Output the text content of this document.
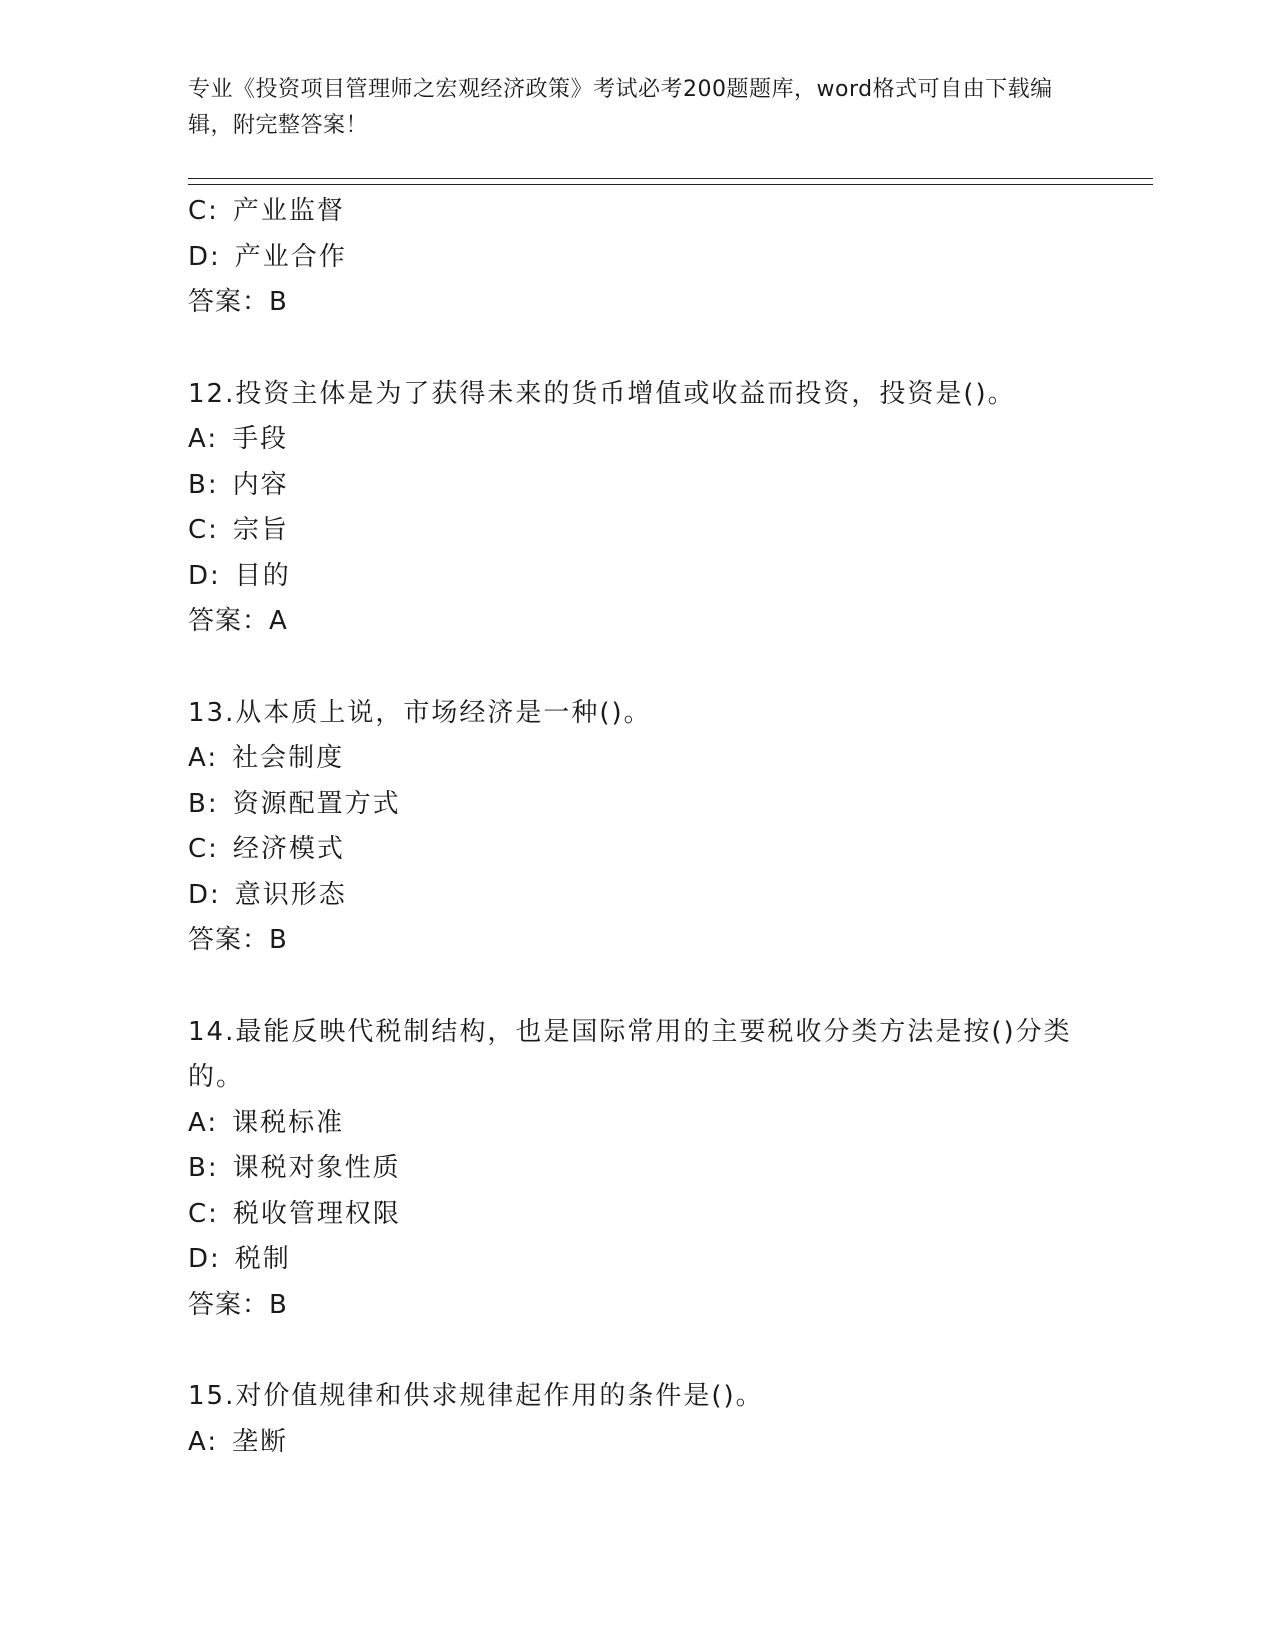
专业《投资项目管理师之宏观经济政策》考试必考200题题库，word格式可自由下载编辑，附完整答案！
C: 产业监督
D: 产业合作
答案：B
12.投资主体是为了获得未来的货币增值或收益而投资，投资是()。
A: 手段
B: 内容
C: 宗旨
D: 目的
答案：A
13.从本质上说，市场经济是一种()。
A: 社会制度
B: 资源配置方式
C: 经济模式
D: 意识形态
答案：B
14.最能反映代税制结构，也是国际常用的主要税收分类方法是按()分类的。
A: 课税标准
B: 课税对象性质
C: 税收管理权限
D: 税制
答案：B
15.对价值规律和供求规律起作用的条件是()。
A: 垄断
